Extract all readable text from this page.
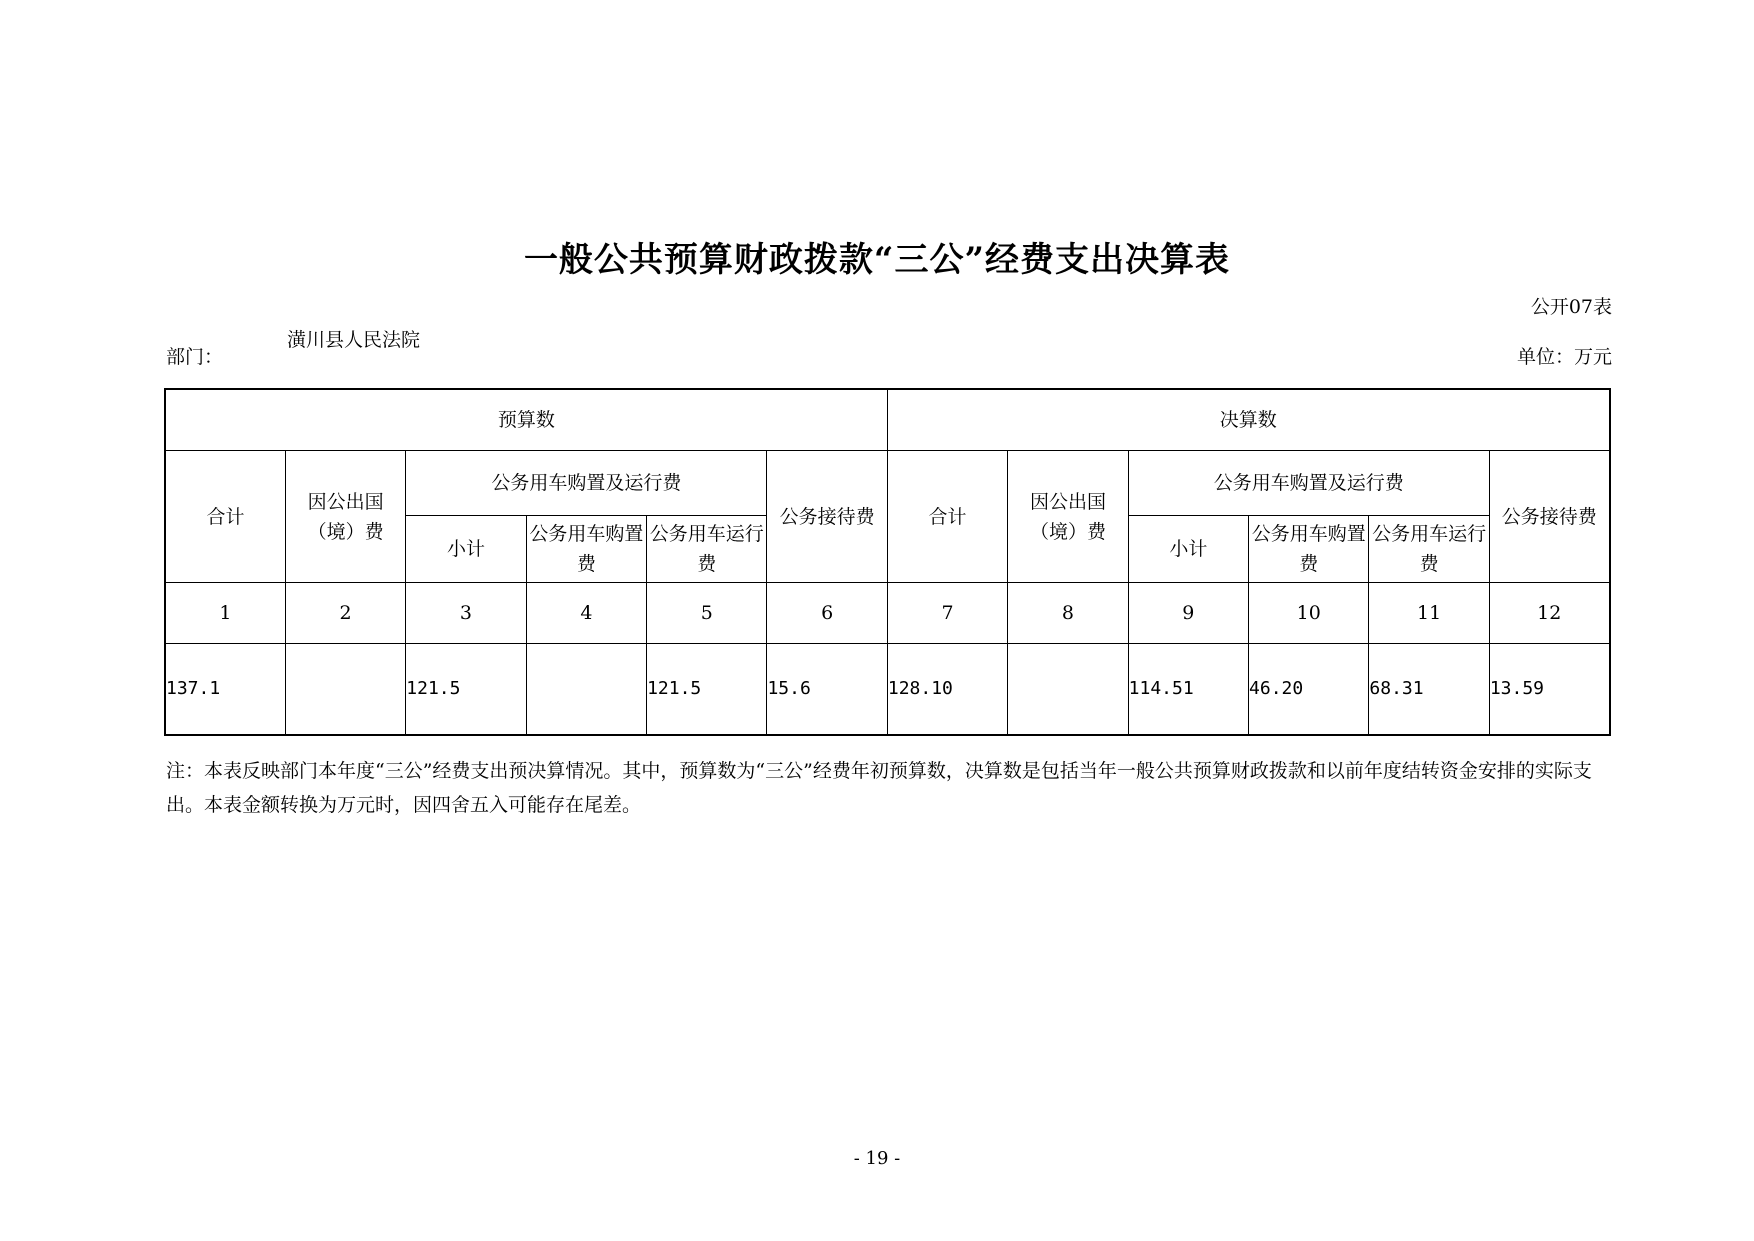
一般公共预算财政拨款“三公”经费支出决算表
公开07表
部门：
潢川县人民法院
单位：万元
预算数						决算数					
合计	因公出国（境）费	公务用车购置及运行费			公务接待费	合计	因公出国（境）费	公务用车购置及运行费			公务接待费
		小计	公务用车购置费	公务用车运行费				小计	公务用车购置费	公务用车运行费	
1	2	3	4	5	6	7	8	9	10	11	12
137.1		121.5		121.5	15.6	128.10		114.51	46.20	68.31	13.59
注：本表反映部门本年度“三公”经费支出预决算情况。其中，预算数为“三公”经费年初预算数，决算数是包括当年一般公共预算财政拨款和以前年度结转资金安排的实际支出。本表金额转换为万元时，因四舍五入可能存在尾差。
- 19 -
